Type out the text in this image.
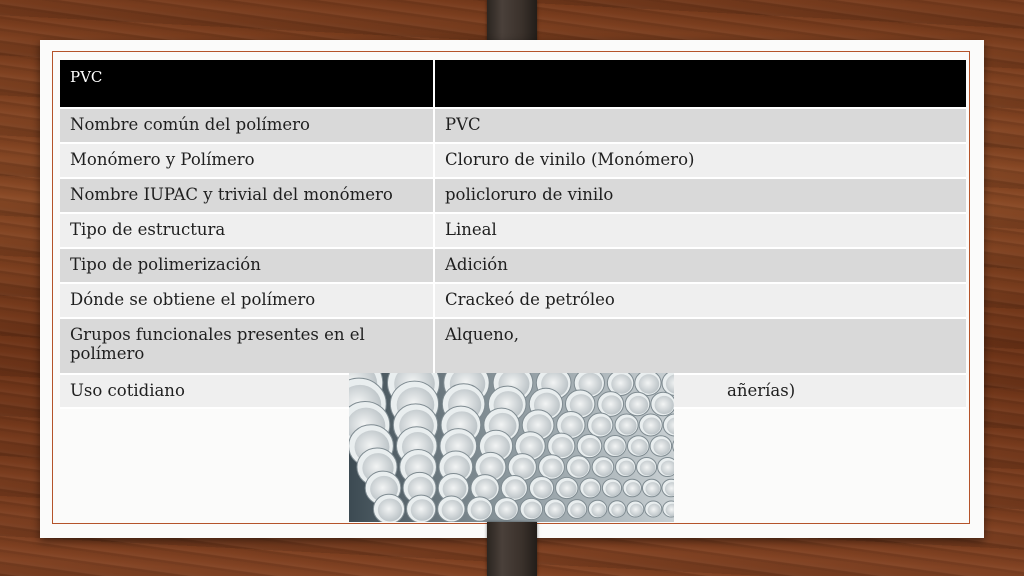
PVC	
Nombre común del polímero	PVC
Monómero y Polímero	Cloruro de vinilo (Monómero)
Nombre IUPAC y trivial del monómero	policloruro de vinilo
Tipo de estructura	Lineal
Tipo de polimerización	Adición
Dónde se obtiene el polímero	Crackeó de petróleo
Grupos funcionales presentes en el polímero	Alqueno,
Uso cotidiano	añerías)
